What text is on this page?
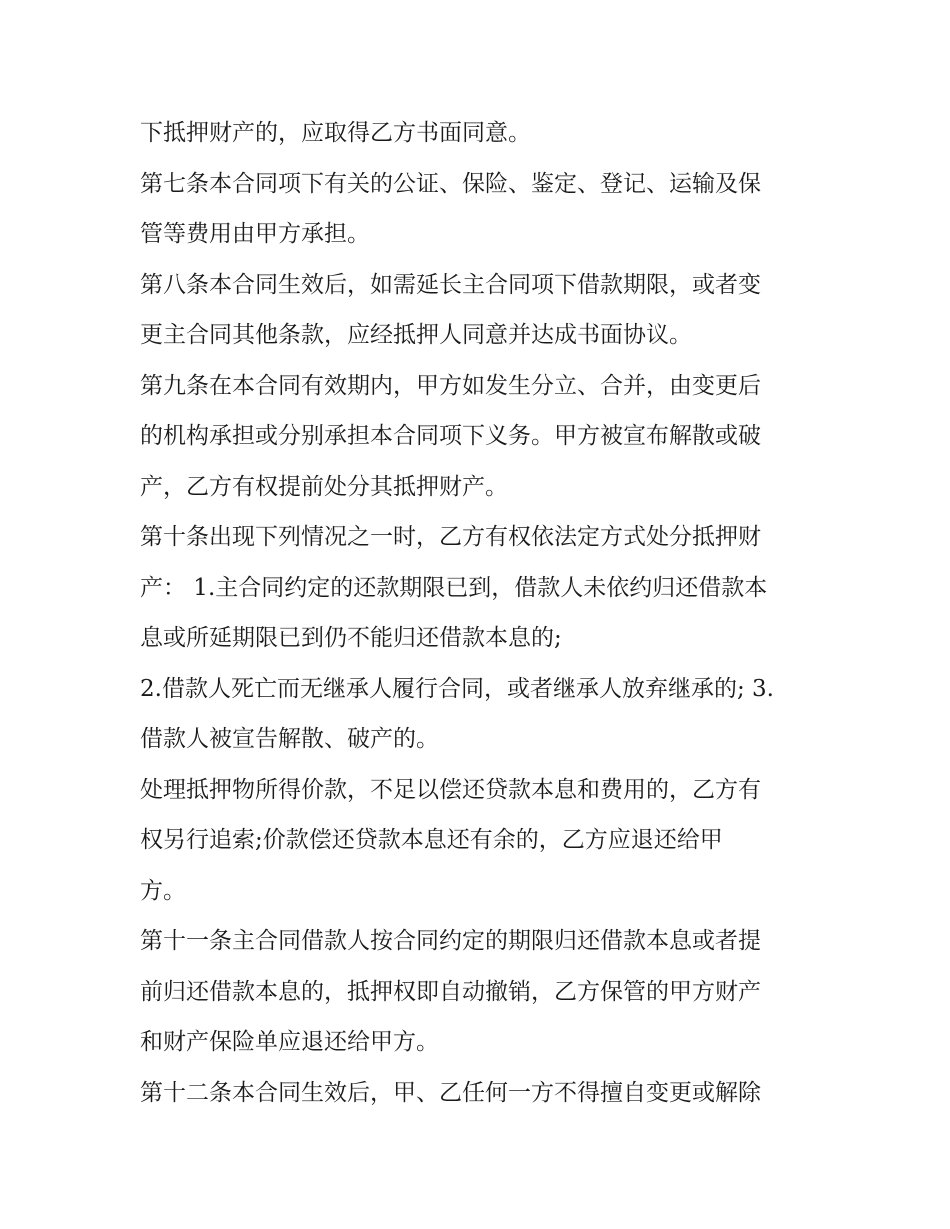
下抵押财产的，应取得乙方书面同意。
第七条本合同项下有关的公证、保险、鉴定、登记、运输及保
管等费用由甲方承担。
第八条本合同生效后，如需延长主合同项下借款期限，或者变
更主合同其他条款，应经抵押人同意并达成书面协议。
第九条在本合同有效期内，甲方如发生分立、合并，由变更后
的机构承担或分别承担本合同项下义务。甲方被宣布解散或破
产，乙方有权提前处分其抵押财产。
第十条出现下列情况之一时，乙方有权依法定方式处分抵押财
产： 1.主合同约定的还款期限已到，借款人未依约归还借款本
息或所延期限已到仍不能归还借款本息的;
2.借款人死亡而无继承人履行合同，或者继承人放弃继承的; 3.
借款人被宣告解散、破产的。
处理抵押物所得价款，不足以偿还贷款本息和费用的，乙方有
权另行追索;价款偿还贷款本息还有余的，乙方应退还给甲
方。
第十一条主合同借款人按合同约定的期限归还借款本息或者提
前归还借款本息的，抵押权即自动撤销，乙方保管的甲方财产
和财产保险单应退还给甲方。
第十二条本合同生效后，甲、乙任何一方不得擅自变更或解除
